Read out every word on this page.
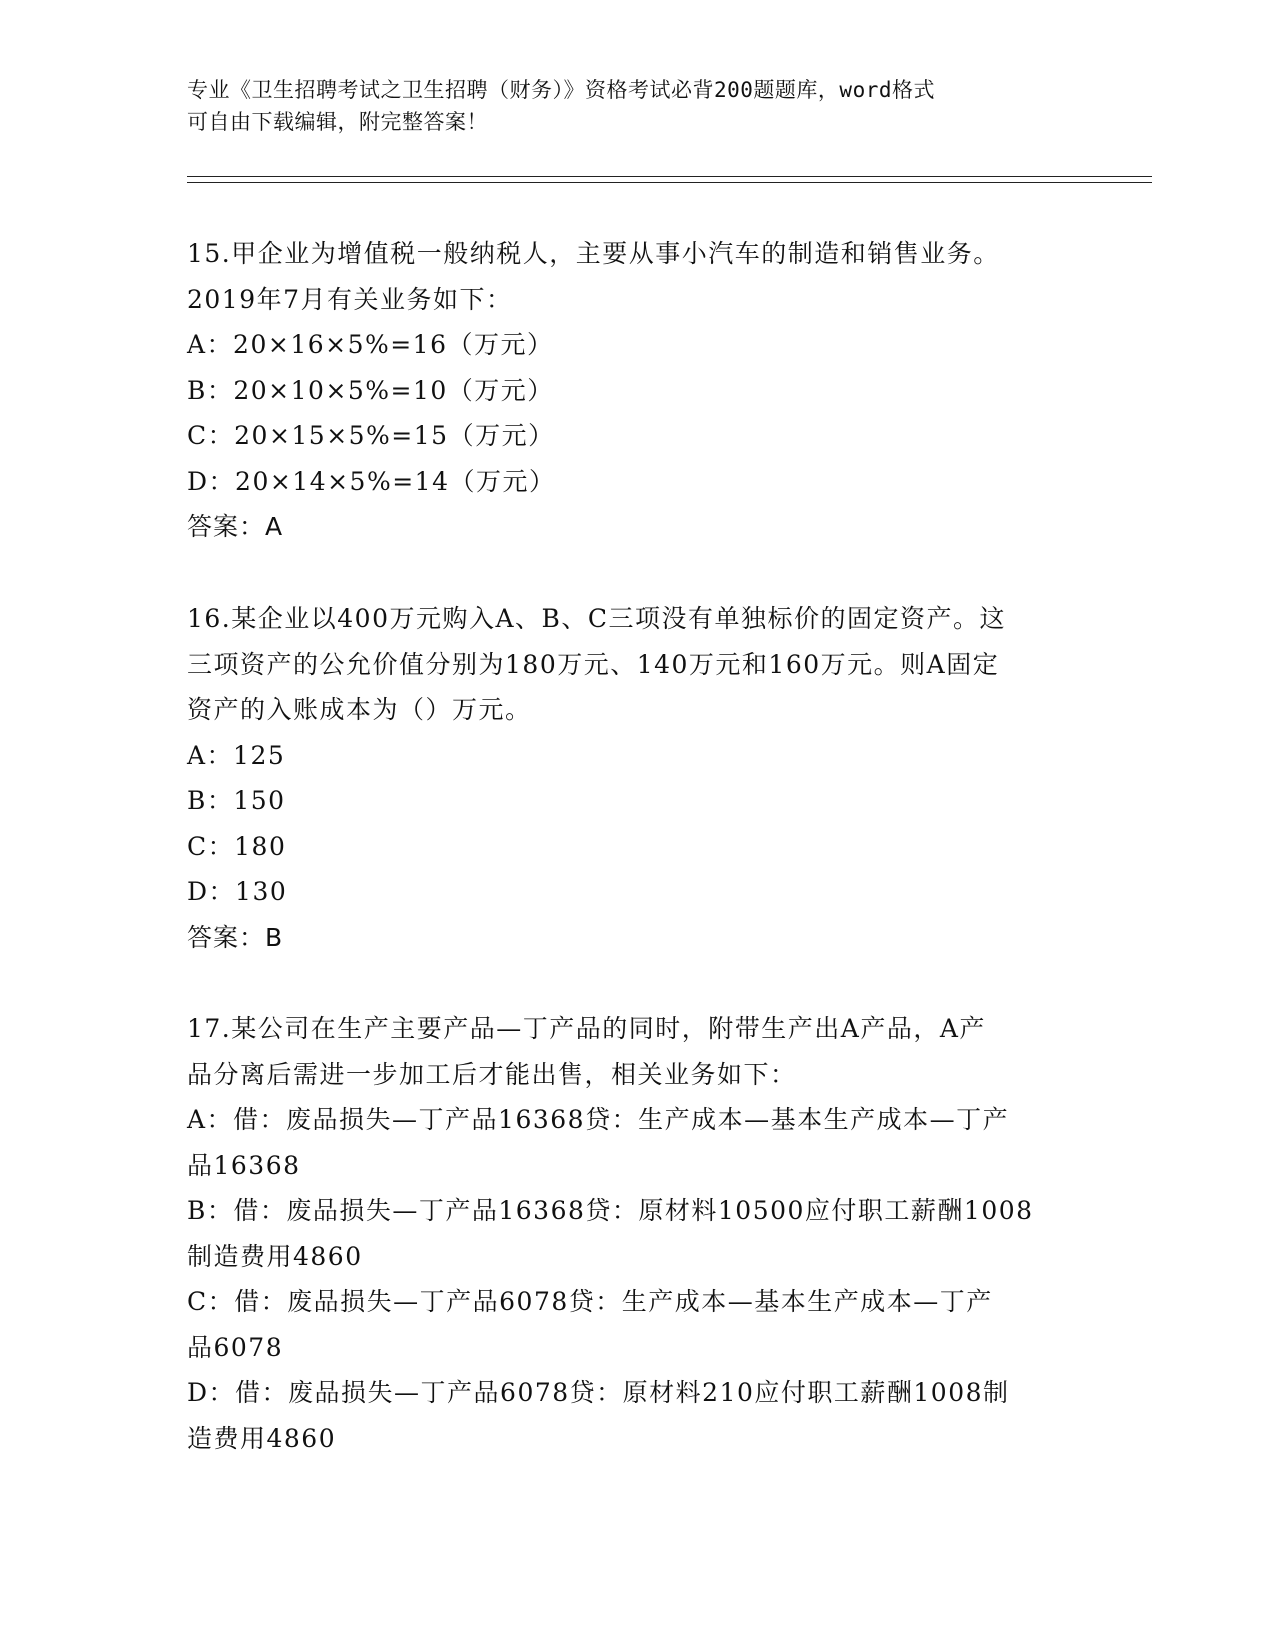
专业《卫生招聘考试之卫生招聘（财务）》资格考试必背200题题库，word格式
可自由下载编辑，附完整答案！
15.甲企业为增值税一般纳税人，主要从事小汽车的制造和销售业务。
2019年7月有关业务如下：
A：20×16×5%=16（万元）
B：20×10×5%=10（万元）
C：20×15×5%=15（万元）
D：20×14×5%=14（万元）
答案：A
16.某企业以400万元购入A、B、C三项没有单独标价的固定资产。这
三项资产的公允价值分别为180万元、140万元和160万元。则A固定
资产的入账成本为（）万元。
A：125
B：150
C：180
D：130
答案：B
17.某公司在生产主要产品—丁产品的同时，附带生产出A产品，A产
品分离后需进一步加工后才能出售，相关业务如下：
A：借：废品损失—丁产品16368贷：生产成本—基本生产成本—丁产
品16368
B：借：废品损失—丁产品16368贷：原材料10500应付职工薪酬1008
制造费用4860
C：借：废品损失—丁产品6078贷：生产成本—基本生产成本—丁产
品6078
D：借：废品损失—丁产品6078贷：原材料210应付职工薪酬1008制
造费用4860
